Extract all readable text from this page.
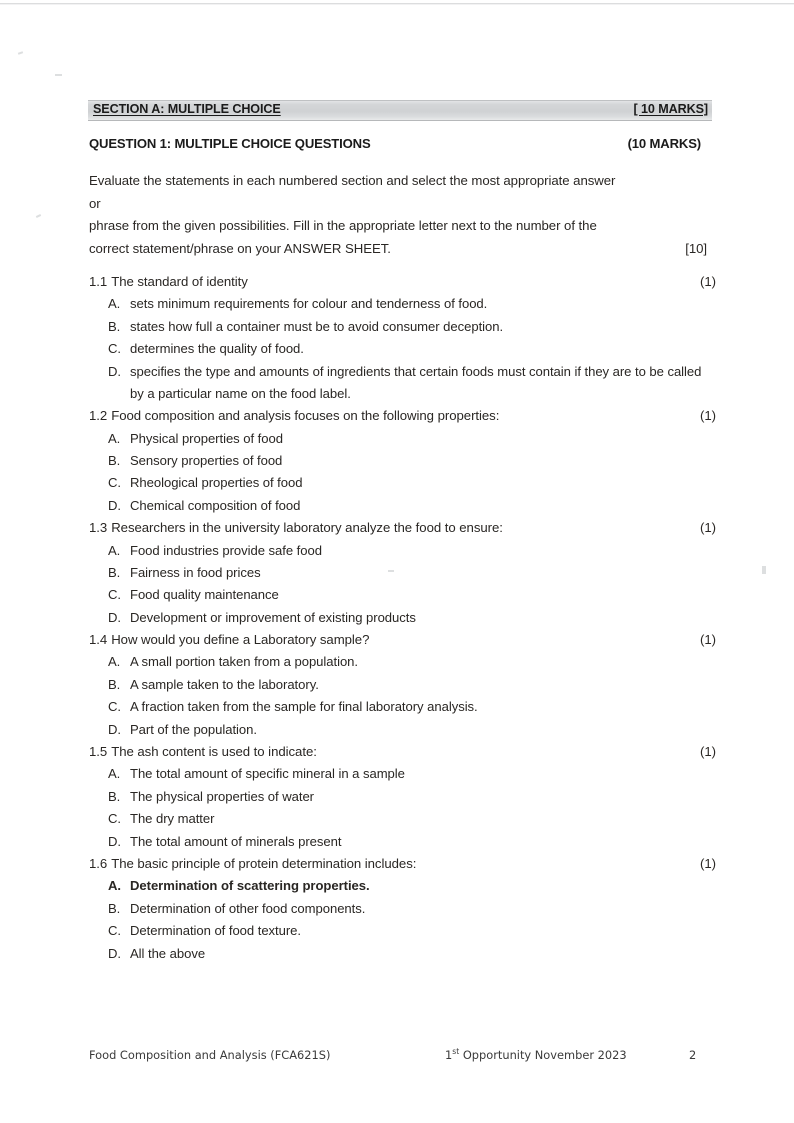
SECTION A: MULTIPLE CHOICE	[ 10 MARKS]
QUESTION 1: MULTIPLE CHOICE QUESTIONS	(10 MARKS)
Evaluate the statements in each numbered section and select the most appropriate answer
or
phrase from the given possibilities. Fill in the appropriate letter next to the number of the
correct statement/phrase on your ANSWER SHEET.	[10]
1.1 The standard of identity	(1)
A. sets minimum requirements for colour and tenderness of food.
B. states how full a container must be to avoid consumer deception.
C. determines the quality of food.
D. specifies the type and amounts of ingredients that certain foods must contain if they are to be called by a particular name on the food label.
1.2 Food composition and analysis focuses on the following properties:	(1)
A. Physical properties of food
B. Sensory properties of food
C. Rheological properties of food
D. Chemical composition of food
1.3 Researchers in the university laboratory analyze the food to ensure:	(1)
A. Food industries provide safe food
B. Fairness in food prices
C. Food quality maintenance
D. Development or improvement of existing products
1.4 How would you define a Laboratory sample?	(1)
A. A small portion taken from a population.
B. A sample taken to the laboratory.
C. A fraction taken from the sample for final laboratory analysis.
D. Part of the population.
1.5 The ash content is used to indicate:	(1)
A. The total amount of specific mineral in a sample
B. The physical properties of water
C. The dry matter
D. The total amount of minerals present
1.6 The basic principle of protein determination includes:	(1)
A. Determination of scattering properties.
B. Determination of other food components.
C. Determination of food texture.
D. All the above
Food Composition and Analysis (FCA621S)	1st Opportunity November 2023	2
